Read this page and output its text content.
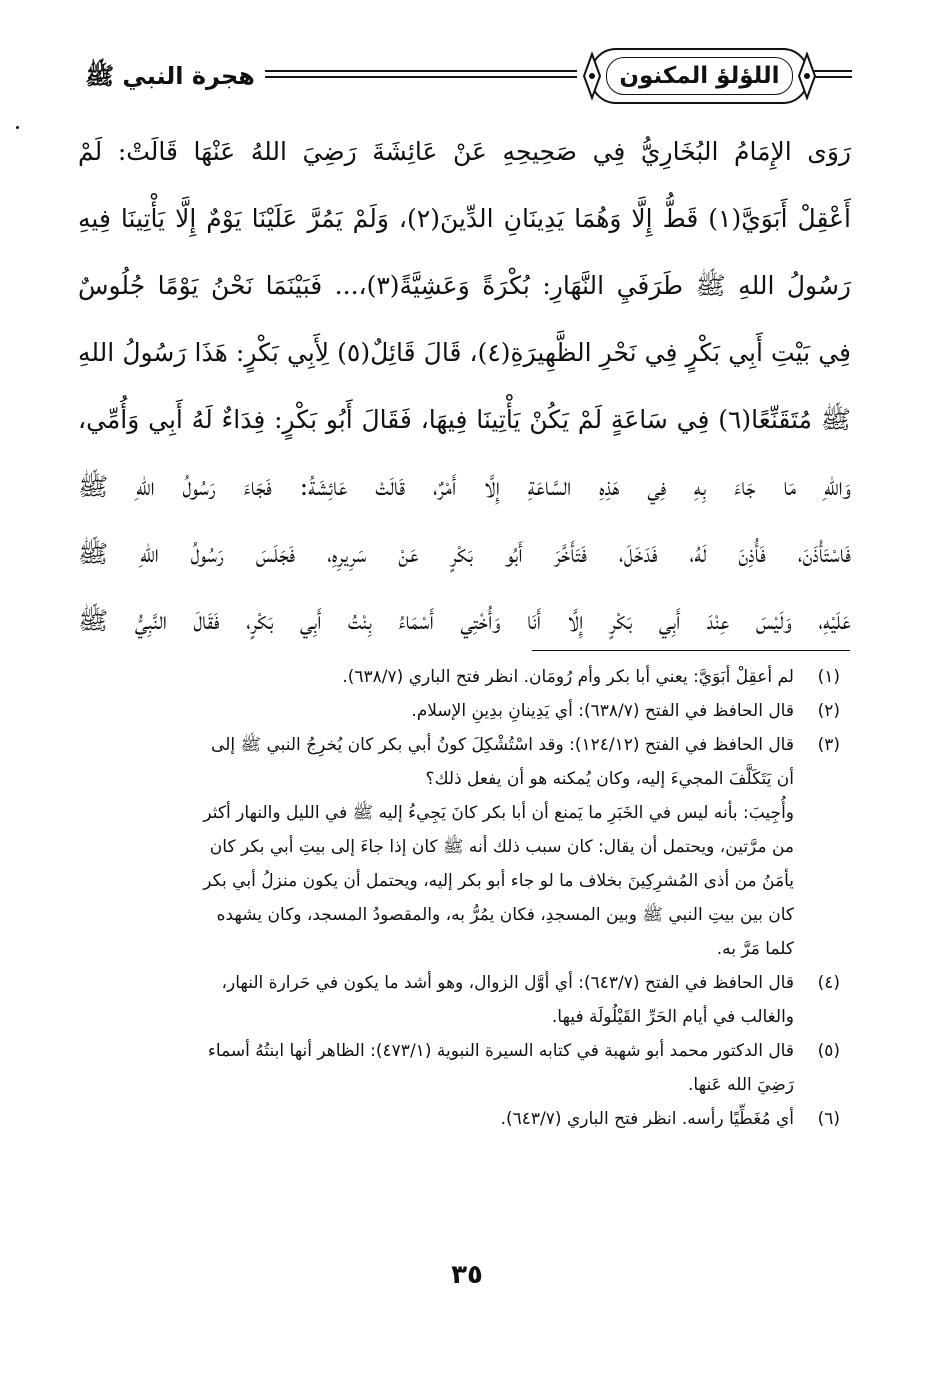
هجرة النبي ﷺ	اللؤلؤ المكنون

رَوَى الإِمَامُ البُخَارِيُّ فِي صَحِيحِهِ عَنْ عَائِشَةَ رَضِيَ اللهُ عَنْهَا قَالَتْ: لَمْ

أَعْقِلْ أَبَوَيَّ(١) قَطُّ إِلَّا وَهُمَا يَدِينَانِ الدِّينَ(٢)، وَلَمْ يَمُرَّ عَلَيْنَا يَوْمٌ إِلَّا يَأْتِينَا فِيهِ

رَسُولُ اللهِ ﷺ طَرَفَيِ النَّهَارِ: بُكْرَةً وَعَشِيَّةً(٣)،... فَبَيْنَمَا نَحْنُ يَوْمًا جُلُوسٌ

فِي بَيْتِ أَبِي بَكْرٍ فِي نَحْرِ الظَّهِيرَةِ(٤)، قَالَ قَائِلٌ(٥) لِأَبِي بَكْرٍ: هَذَا رَسُولُ اللهِ

ﷺ مُتَقَنِّعًا(٦) فِي سَاعَةٍ لَمْ يَكُنْ يَأْتِينَا فِيهَا، فَقَالَ أَبُو بَكْرٍ: فِدَاءٌ لَهُ أَبِي وَأُمِّي،

وَاللهِ مَا جَاءَ بِهِ فِي هَذِهِ السَّاعَةِ إِلَّا أَمْرٌ، قَالَتْ عَائِشَةُ: فَجَاءَ رَسُولُ اللهِ ﷺ

فَاسْتَأْذَنَ، فَأُذِنَ لَهُ، فَدَخَلَ، فَتَأَخَّرَ أَبُو بَكْرٍ عَنْ سَرِيرِهِ، فَجَلَسَ رَسُولُ اللهِ ﷺ

عَلَيْهِ، وَلَيْسَ عِنْدَ أَبِي بَكْرٍ إِلَّا أَنَا وَأُخْتِي أَسْمَاءُ بِنْتُ أَبِي بَكْرٍ، فَقَالَ النَّبِيُّ ﷺ

(١)
لم أعقِلْ أبَوَيَّ: يعني أبا بكر وأم رُومَان. انظر فتح الباري (٦٣٨/٧).
(٢)
قال الحافظ في الفتح (٦٣٨/٧): أي يَدِينانِ بدِينِ الإسلام.
(٣)
قال الحافظ في الفتح (١٢٤/١٢): وقد اسْتُشْكِلَ كونُ أبي بكر كان يُخرِجُ النبي ﷺ إلى
أن يَتَكَلَّفَ المجيءَ إليه، وكان يُمكنه هو أن يفعل ذلك؟
وأُجِيبَ: بأنه ليس في الخَبَرِ ما يَمنع أن أبا بكر كانَ يَجِيءُ إليه ﷺ في الليل والنهار أكثر
من مرَّتين، ويحتمل أن يقال: كان سبب ذلك أنه ﷺ كان إذا جاءَ إلى بيتِ أبي بكر كان
يأمَنُ من أذى المُشرِكِينَ بخلاف ما لو جاء أبو بكر إليه، ويحتمل أن يكون منزلُ أبي بكر
كان بين بيتِ النبي ﷺ وبين المسجدِ، فكان يمُرُّ به، والمقصودُ المسجد، وكان يشهده
كلما مَرَّ به.
(٤)
قال الحافظ في الفتح (٦٤٣/٧): أي أوَّل الزوال، وهو أشد ما يكون في حَرارة النهار،
والغالب في أيام الحَرِّ القَيْلُولَة فيها.
(٥)
قال الدكتور محمد أبو شهبة في كتابه السيرة النبوية (٤٧٣/١): الظاهر أنها ابنتُهُ أسماء
رَضِيَ الله عَنها.
(٦)
أي مُغَطِّيًا رأسه. انظر فتح الباري (٦٤٣/٧).
٣٥
